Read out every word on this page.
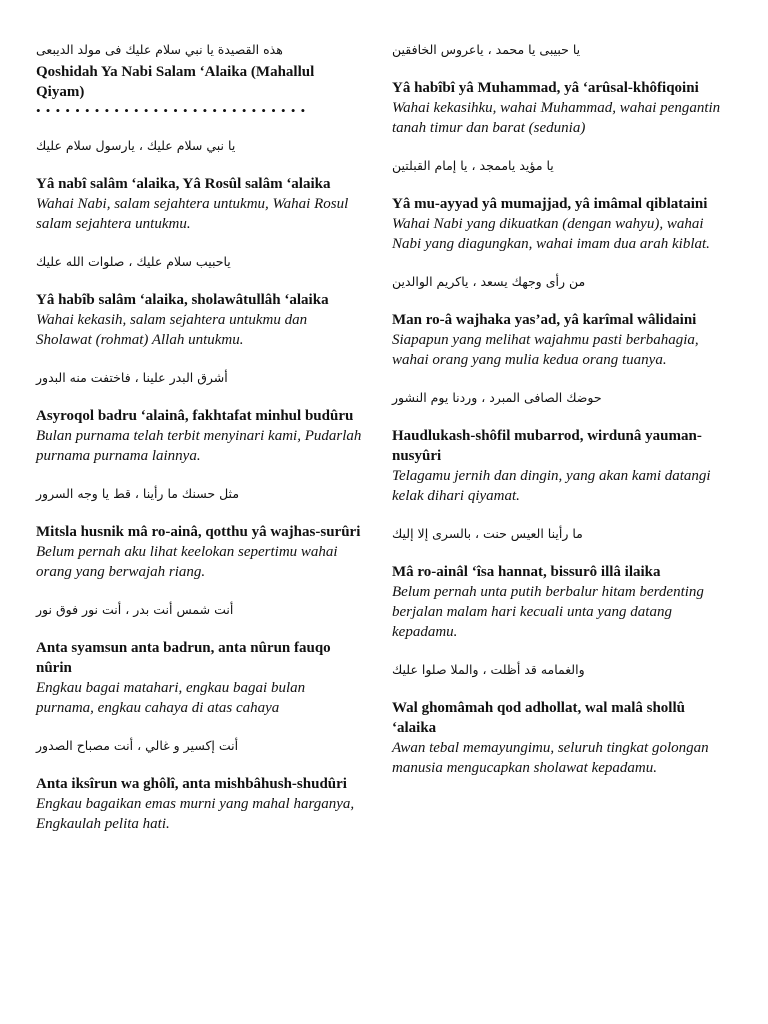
هذه القصيدة يا نبي سلام عليك فى مولد الديبعى

Qoshidah Ya Nabi Salam ‘Alaika (Mahallul Qiyam)

• • • • • • • • • • • • • • • • • • • • • • • • • • • •

يا نبي سلام عليك ، يارسول سلام عليك

Yâ nabî salâm ‘alaika, Yâ Rosûl salâm ‘alaika

Wahai Nabi, salam sejahtera untukmu, Wahai Rosul salam sejahtera untukmu.

ياحبيب سلام عليك ، صلوات الله عليك

Yâ habîb salâm ‘alaika, sholawâtullâh ‘alaika

Wahai kekasih, salam sejahtera untukmu dan Sholawat (rohmat) Allah untukmu.

أشرق البدر علينا ، فاختفت منه البدور

Asyroqol badru ‘alainâ, fakhtafat minhul budûru

Bulan purnama telah terbit menyinari kami, Pudarlah purnama purnama lainnya.

مثل حسنك ما رأينا ، قط يا وجه السرور

Mitsla husnik mâ ro-ainâ, qotthu yâ wajhas-surûri

Belum pernah aku lihat keelokan sepertimu wahai orang yang berwajah riang.

أنت شمس أنت بدر ، أنت نور فوق نور

Anta syamsun anta badrun, anta nûrun fauqo nûrin

Engkau bagai matahari, engkau bagai bulan purnama, engkau cahaya di atas cahaya

أنت إكسير و غالي ، أنت مصباح الصدور

Anta iksîrun wa ghôlî, anta mishbâhush-shudûri

Engkau bagaikan emas murni yang mahal harganya, Engkaulah pelita hati.

يا حبيبى يا محمد ، ياعروس الخافقين

Yâ habîbî yâ Muhammad, yâ ‘arûsal-khôfiqoini

Wahai kekasihku, wahai Muhammad, wahai pengantin tanah timur dan barat (sedunia)

يا مؤيد ياممجد ، يا إمام القبلتين

Yâ mu-ayyad yâ mumajjad, yâ imâmal qiblataini

Wahai Nabi yang dikuatkan (dengan wahyu), wahai Nabi yang diagungkan, wahai imam dua arah kiblat.

من رأى وجهك يسعد ، ياكريم الوالدين

Man ro-â wajhaka yas’ad, yâ karîmal wâlidaini

Siapapun yang melihat wajahmu pasti berbahagia, wahai orang yang mulia kedua orang tuanya.

حوضك الصافى المبرد ، وردنا يوم النشور

Haudlukash-shôfil mubarrod, wirdunâ yauman-nusyûri

Telagamu jernih dan dingin, yang akan kami datangi kelak dihari qiyamat.

ما رأينا العيس حنت ، بالسرى إلا إليك

Mâ ro-ainâl ‘îsa hannat, bissurô illâ ilaika

Belum pernah unta putih berbalur hitam berdenting berjalan malam hari kecuali unta yang datang kepadamu.

والغمامه قد أظلت ، والملا صلوا عليك

Wal ghomâmah qod adhollat, wal malâ shollû ‘alaika

Awan tebal memayungimu, seluruh tingkat golongan manusia mengucapkan sholawat kepadamu.
